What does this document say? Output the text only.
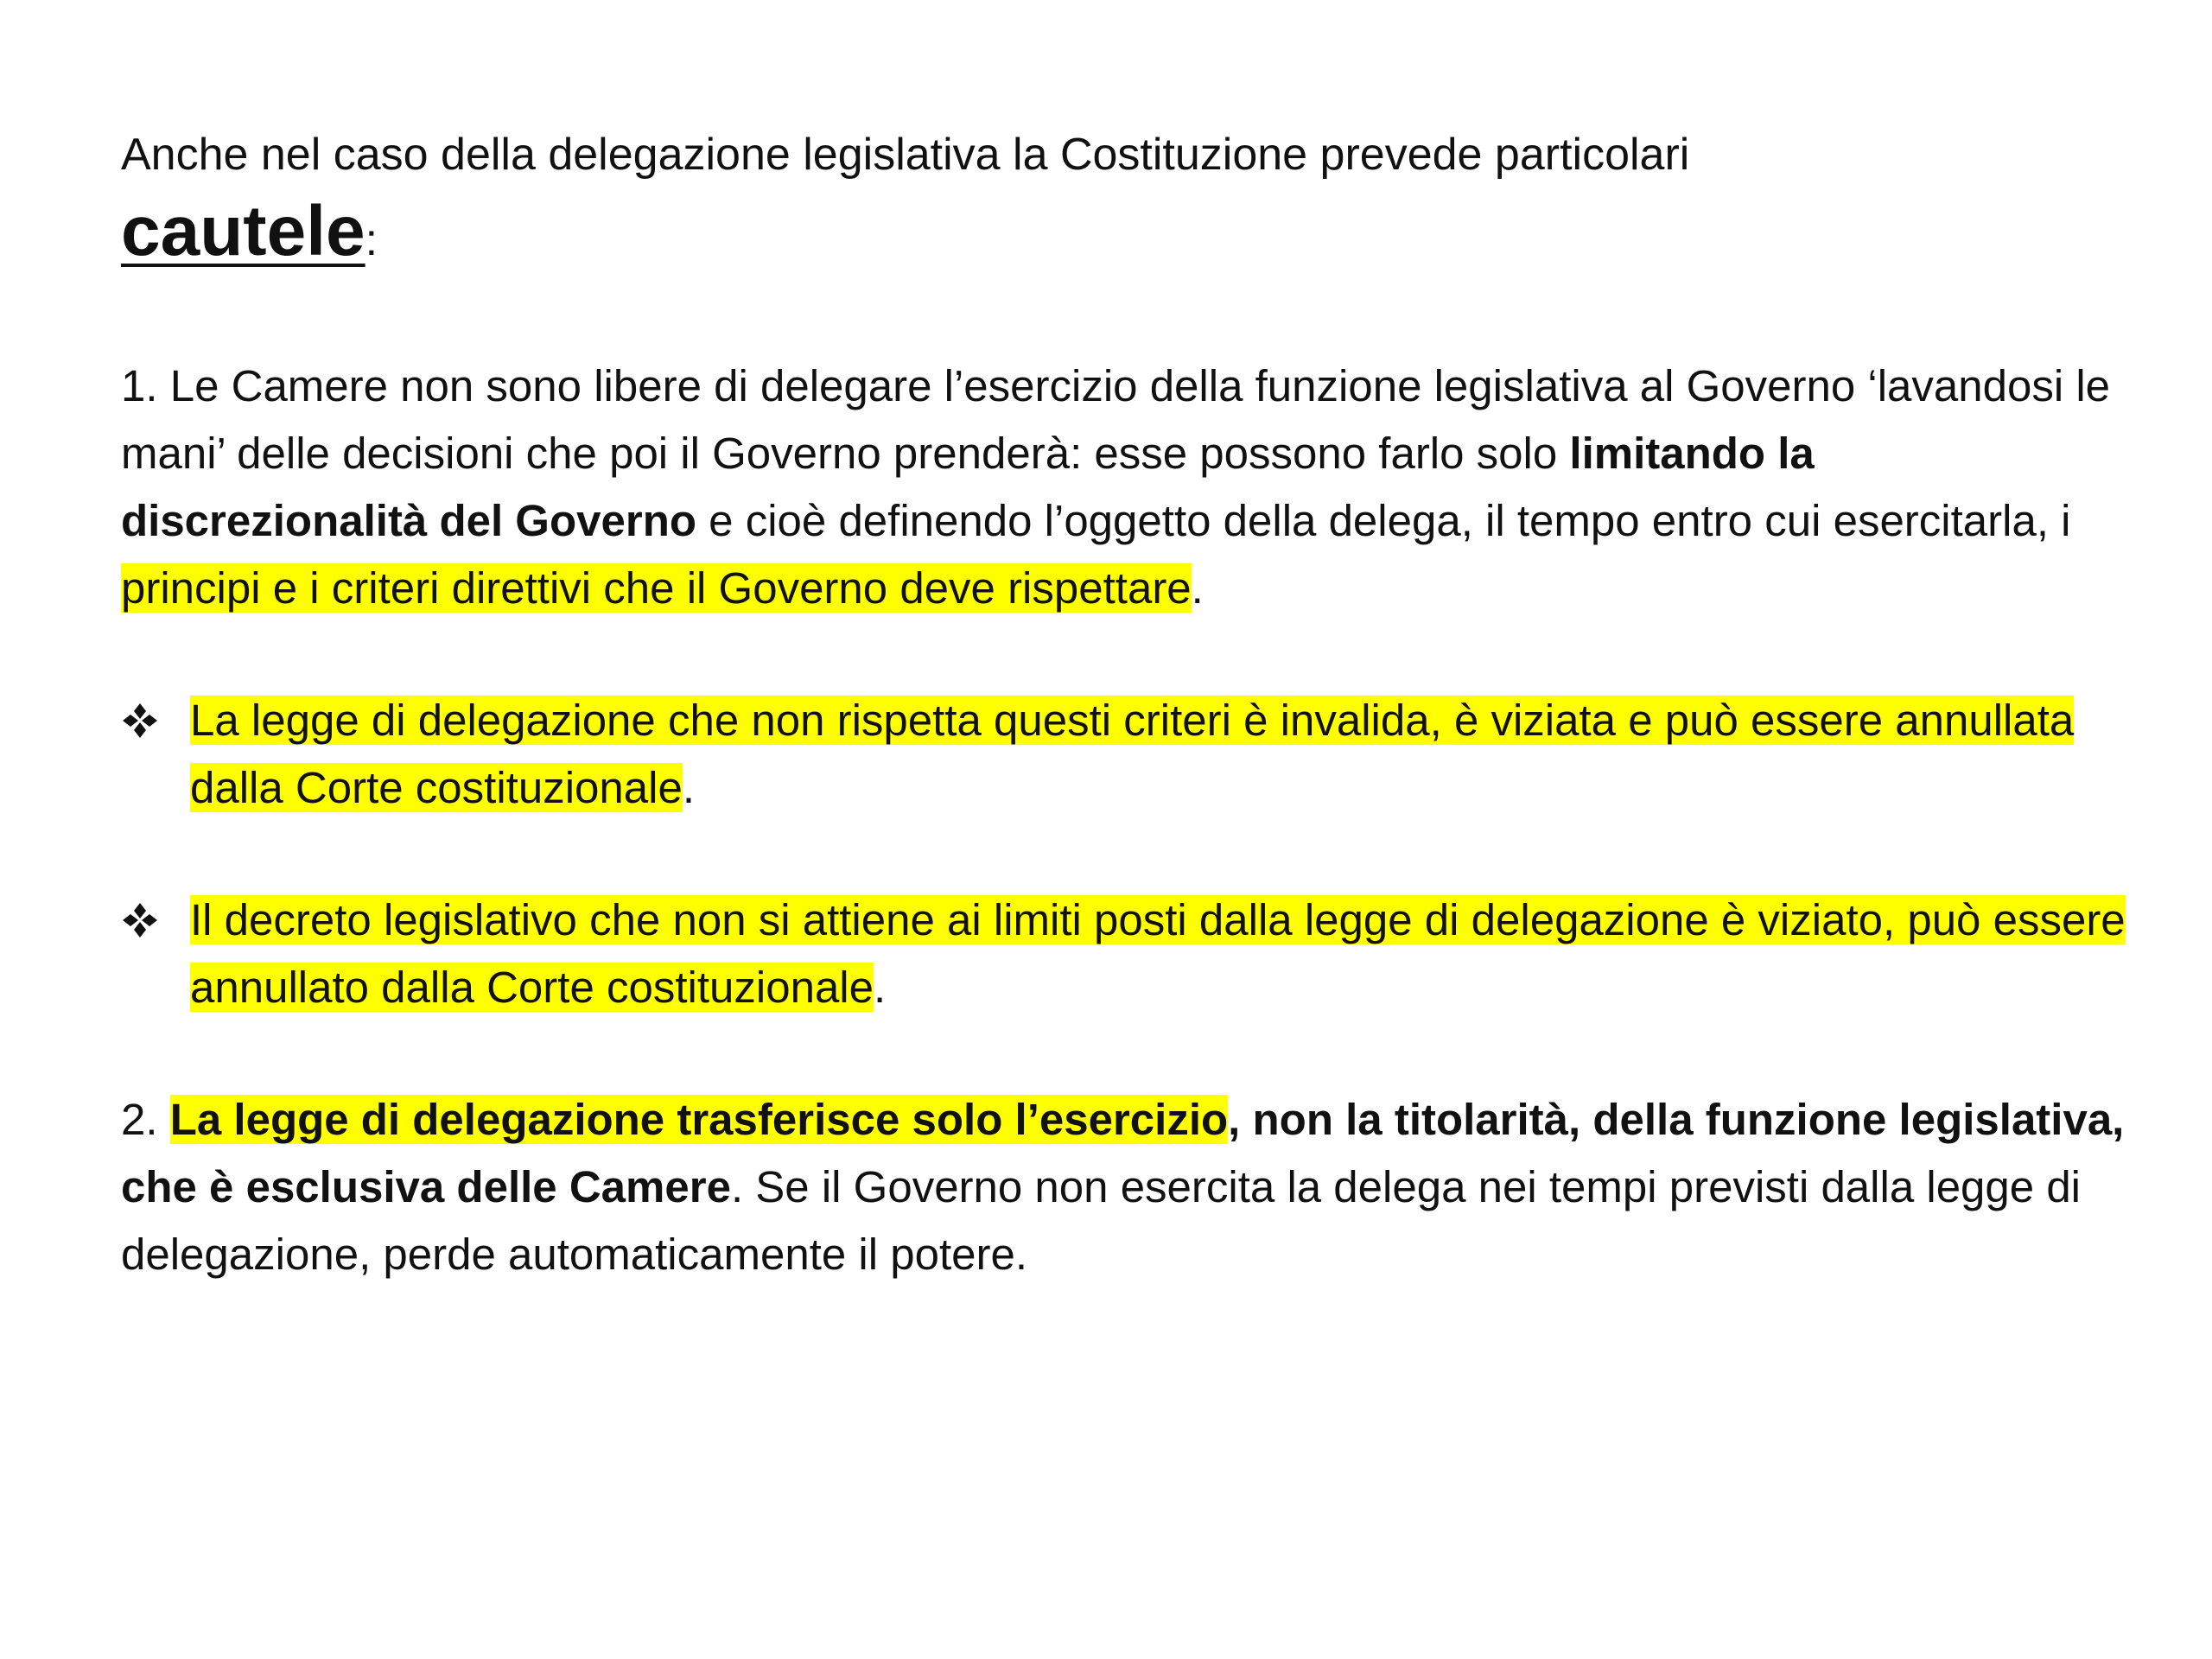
Anche nel caso della delegazione legislativa la Costituzione prevede particolari
cautele:

1. Le Camere non sono libere di delegare l’esercizio della funzione legislativa al Governo ‘lavandosi le mani’ delle decisioni che poi il Governo prenderà: esse possono farlo solo limitando la discrezionalità del Governo e cioè definendo l’oggetto della delega, il tempo entro cui esercitarla, i principi e i criteri direttivi che il Governo deve rispettare.

La legge di delegazione che non rispetta questi criteri è invalida, è viziata e può essere annullata dalla Corte costituzionale.
Il decreto legislativo che non si attiene ai limiti posti dalla legge di delegazione è viziato, può essere annullato dalla Corte costituzionale.

2. La legge di delegazione trasferisce solo l’esercizio, non la titolarità, della funzione legislativa, che è esclusiva delle Camere. Se il Governo non esercita la delega nei tempi previsti dalla legge di delegazione, perde automaticamente il potere.
